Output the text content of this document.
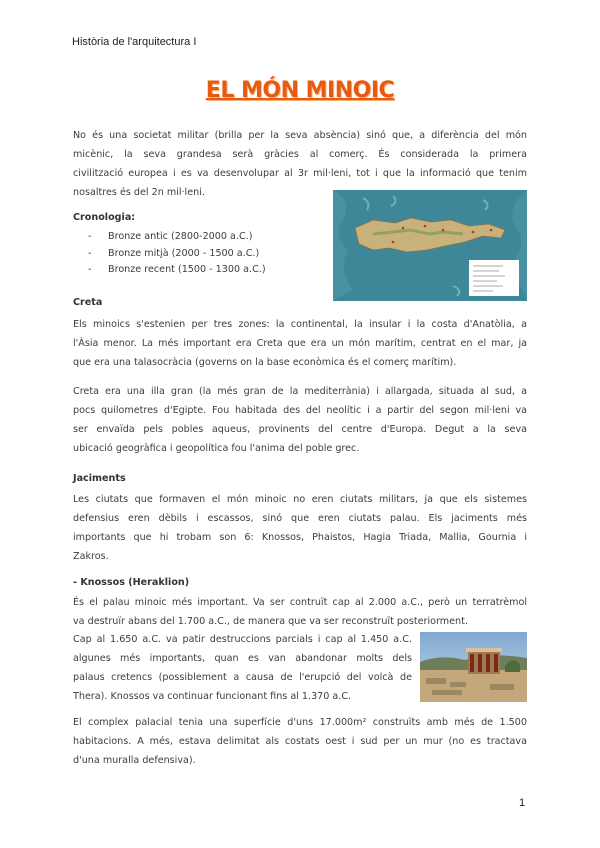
Història de l'arquitectura I
EL MÓN MINOIC
No és una societat militar (brilla per la seva absència) sinó que, a diferència del món
micènic, la seva grandesa serà gràcies al comerç. És considerada la primera
civilització europea i es va desenvolupar al 3r mil·leni, tot i que la informació que tenim
nosaltres és del 2n mil·leni.
Cronologia:
- Bronze antic (2800-2000 a.C.)
- Bronze mitjà (2000 - 1500 a.C.)
- Bronze recent (1500 - 1300 a.C.)
Creta
Els minoics s'estenien per tres zones: la continental, la insular i la costa d'Anatòlia, a
l'Àsia menor. La més important era Creta que era un món marítim, centrat en el mar, ja
que era una talasocràcia (governs on la base econòmica és el comerç marítim).
Creta era una illa gran (la més gran de la mediterrània) i allargada, situada al sud, a
pocs quilometres d'Egipte. Fou habitada des del neolític i a partir del segon mil·leni va
ser envaïda pels pobles aqueus, provinents del centre d'Europa. Degut a la seva
ubicació geogràfica i geopolítica fou l'anima del poble grec.
Jaciments
Les ciutats que formaven el món minoic no eren ciutats militars, ja que els sistemes
defensius eren dèbils i escassos, sinó que eren ciutats palau. Els jaciments més
importants que hi trobam son 6: Knossos, Phaistos, Hagia Triada, Mallia, Gournia i
Zakros.
- Knossos (Heraklion)
És el palau minoic més important. Va ser contruït cap al 2.000 a.C., però un terratrèmol
va destruïr abans del 1.700 a.C., de manera que va ser reconstruït posteriorment.
Cap al 1.650 a.C. va patir destruccions parcials i cap al 1.450 a.C.
algunes més importants, quan es van abandonar molts dels
palaus cretencs (possiblement a causa de l'erupció del volcà de
Thera). Knossos va continuar funcionant fins al 1.370 a.C.
El complex palacial tenia una superfície d'uns 17.000m² construïts amb més de 1.500
habitacions. A més, estava delimitat als costats oest i sud per un mur (no es tractava
d'una muralla defensiva).
1
